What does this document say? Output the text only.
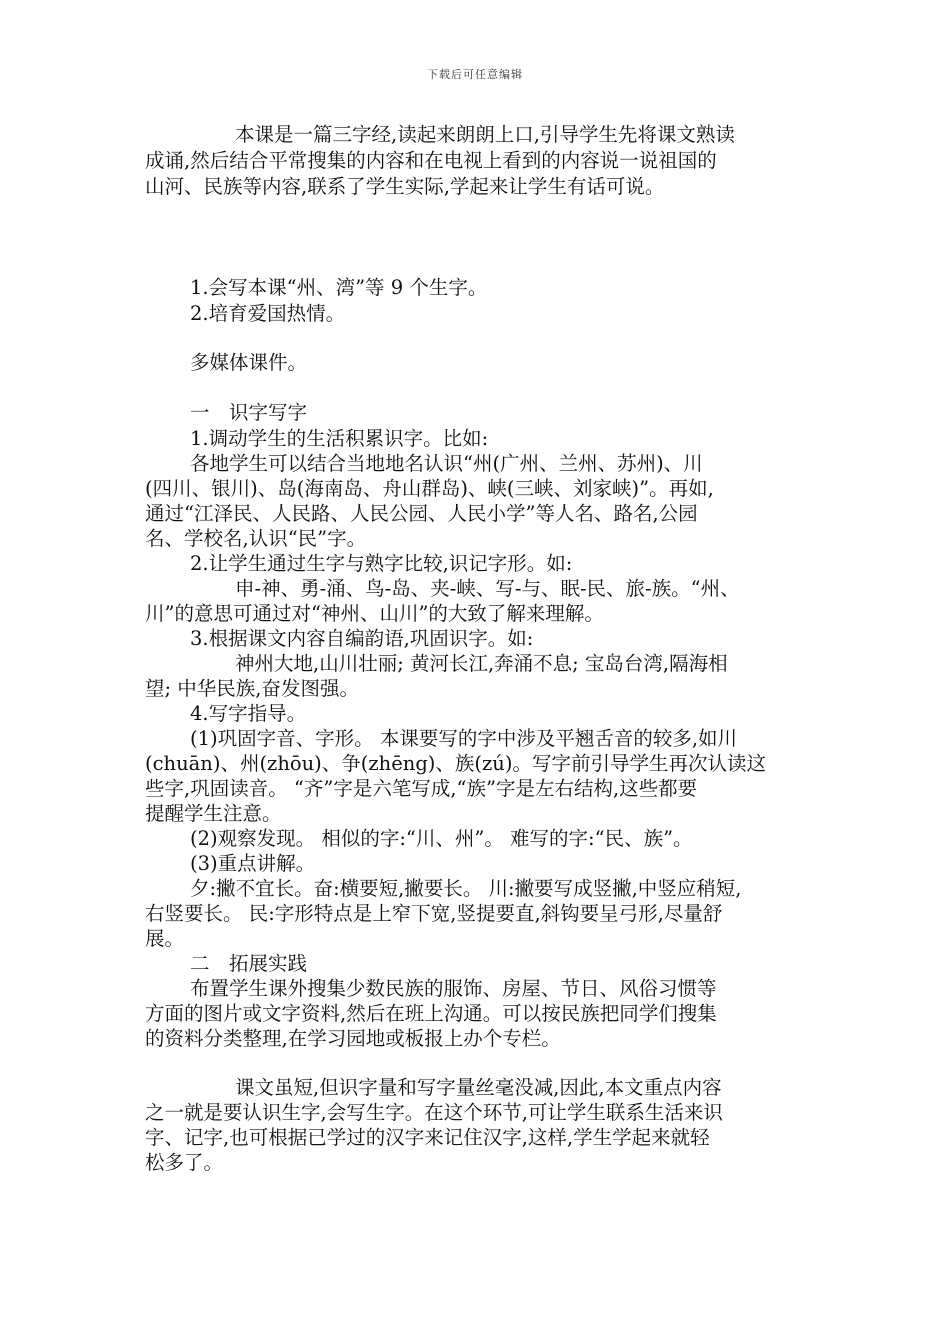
下载后可任意编辑
本课是一篇三字经,读起来朗朗上口,引导学生先将课文熟读
成诵,然后结合平常搜集的内容和在电视上看到的内容说一说祖国的
山河、民族等内容,联系了学生实际,学起来让学生有话可说。
1.会写本课“州、湾”等 9 个生字。
2.培育爱国热情。
多媒体课件。
一　识字写字
1.调动学生的生活积累识字。比如:
各地学生可以结合当地地名认识“州(广州、兰州、苏州)、川
(四川、银川)、岛(海南岛、舟山群岛)、峡(三峡、刘家峡)”。再如,
通过“江泽民、人民路、人民公园、人民小学”等人名、路名,公园
名、学校名,认识“民”字。
2.让学生通过生字与熟字比较,识记字形。如:
申-神、勇-涌、鸟-岛、夹-峡、写-与、眠-民、旅-族。“州、
川”的意思可通过对“神州、山川”的大致了解来理解。
3.根据课文内容自编韵语,巩固识字。如:
神州大地,山川壮丽; 黄河长江,奔涌不息; 宝岛台湾,隔海相
望; 中华民族,奋发图强。
4.写字指导。
(1)巩固字音、字形。 本课要写的字中涉及平翘舌音的较多,如川
(chuān)、州(zhōu)、争(zhēng)、族(zú)。写字前引导学生再次认读这
些字,巩固读音。 “齐”字是六笔写成,“族”字是左右结构,这些都要
提醒学生注意。
(2)观察发现。 相似的字:“川、州”。 难写的字:“民、族”。
(3)重点讲解。
夕:撇不宜长。奋:横要短,撇要长。 川:撇要写成竖撇,中竖应稍短,
右竖要长。 民:字形特点是上窄下宽,竖提要直,斜钩要呈弓形,尽量舒
展。
二　拓展实践
布置学生课外搜集少数民族的服饰、房屋、节日、风俗习惯等
方面的图片或文字资料,然后在班上沟通。可以按民族把同学们搜集
的资料分类整理,在学习园地或板报上办个专栏。
课文虽短,但识字量和写字量丝毫没减,因此,本文重点内容
之一就是要认识生字,会写生字。在这个环节,可让学生联系生活来识
字、记字,也可根据已学过的汉字来记住汉字,这样,学生学起来就轻
松多了。
